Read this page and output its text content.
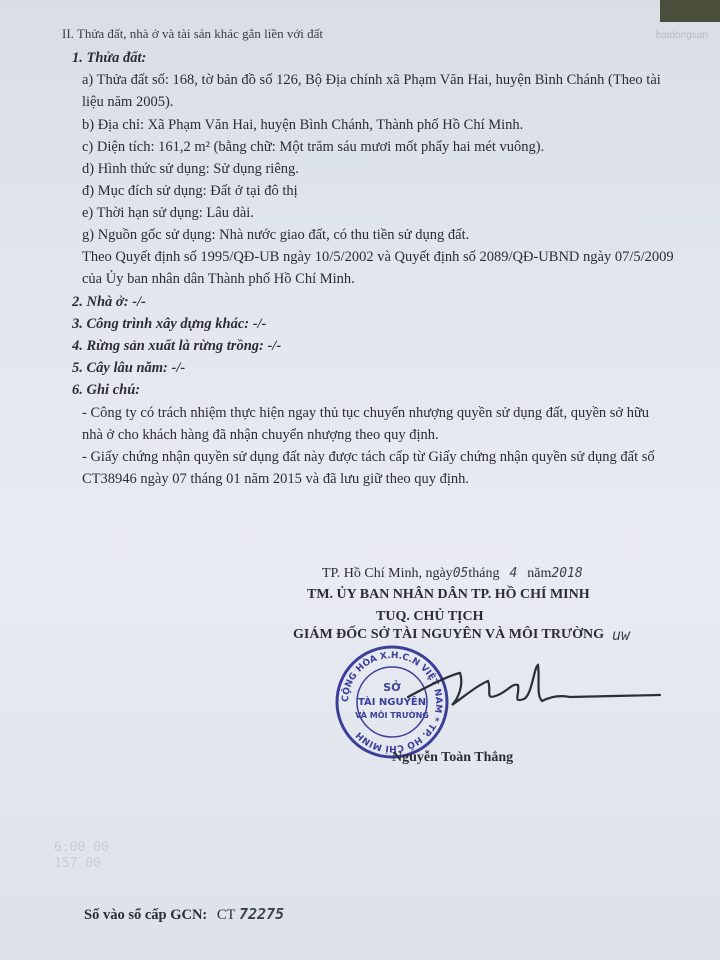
batdongsan
II. Thửa đất, nhà ở và tài sản khác gắn liền với đất
1. Thửa đất:
a) Thửa đất số: 168, tờ bản đồ số 126, Bộ Địa chính xã Phạm Văn Hai, huyện Bình Chánh (Theo tài
liệu năm 2005).
b) Địa chỉ: Xã Phạm Văn Hai, huyện Bình Chánh, Thành phố Hồ Chí Minh.
c) Diện tích: 161,2 m² (bằng chữ: Một trăm sáu mươi mốt phẩy hai mét vuông).
d) Hình thức sử dụng: Sử dụng riêng.
đ) Mục đích sử dụng: Đất ở tại đô thị
e) Thời hạn sử dụng: Lâu dài.
g) Nguồn gốc sử dụng: Nhà nước giao đất, có thu tiền sử dụng đất.
Theo Quyết định số 1995/QĐ-UB ngày 10/5/2002 và Quyết định số 2089/QĐ-UBND ngày 07/5/2009
của Ủy ban nhân dân Thành phố Hồ Chí Minh.
2. Nhà ở: -/-
3. Công trình xây dựng khác: -/-
4. Rừng sản xuất là rừng trồng: -/-
5. Cây lâu năm: -/-
6. Ghi chú:
- Công ty có trách nhiệm thực hiện ngay thủ tục chuyển nhượng quyền sử dụng đất, quyền sở hữu
nhà ở cho khách hàng đã nhận chuyển nhượng theo quy định.
- Giấy chứng nhận quyền sử dụng đất này được tách cấp từ Giấy chứng nhận quyền sử dụng đất số
CT38946 ngày 07 tháng 01 năm 2015 và đã lưu giữ theo quy định.
TP. Hồ Chí Minh, ngày05tháng 4 năm2018
TM. ỦY BAN NHÂN DÂN TP. HỒ CHÍ MINH
TUQ. CHỦ TỊCH
GIÁM ĐỐC SỞ TÀI NGUYÊN VÀ MÔI TRƯỜNG uw
CỘNG HÒA X.H.C.N VIỆT NAM * TP. HỒ CHÍ MINH
SỞ
TÀI NGUYÊN
VÀ MÔI TRƯỜNG
Nguyễn Toàn Thắng
6:00 00
157 00
Số vào sổ cấp GCN: CT 72275
